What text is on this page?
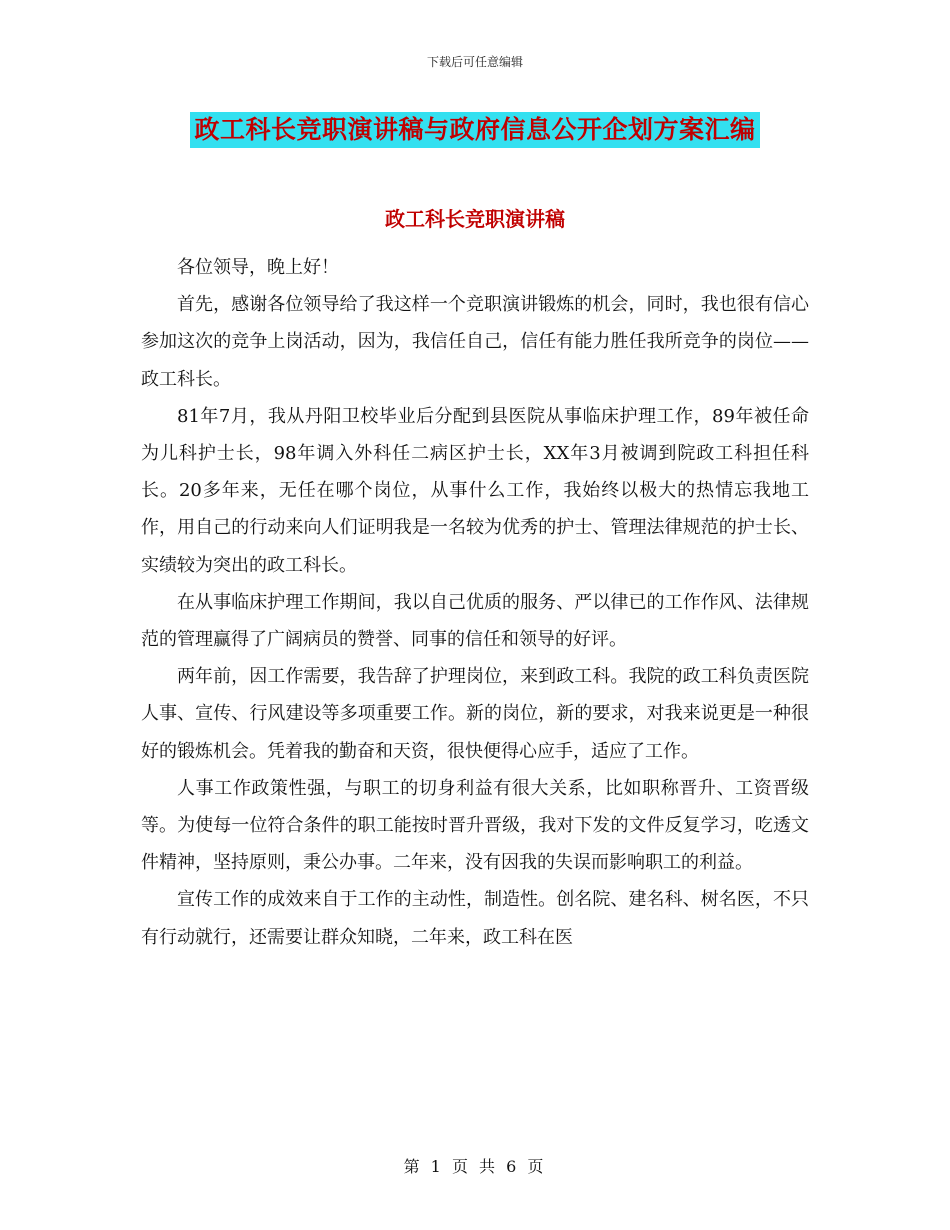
下载后可任意编辑
政工科长竞职演讲稿与政府信息公开企划方案汇编
政工科长竞职演讲稿

各位领导，晚上好！

首先，感谢各位领导给了我这样一个竞职演讲锻炼的机会，同时，我也很有信心参加这次的竞争上岗活动，因为，我信任自己，信任有能力胜任我所竞争的岗位——政工科长。

81年7月，我从丹阳卫校毕业后分配到县医院从事临床护理工作，89年被任命为儿科护士长，98年调入外科任二病区护士长，XX年3月被调到院政工科担任科长。20多年来，无任在哪个岗位，从事什么工作，我始终以极大的热情忘我地工作，用自己的行动来向人们证明我是一名较为优秀的护士、管理法律规范的护士长、实绩较为突出的政工科长。

在从事临床护理工作期间，我以自己优质的服务、严以律已的工作作风、法律规范的管理赢得了广阔病员的赞誉、同事的信任和领导的好评。

两年前，因工作需要，我告辞了护理岗位，来到政工科。我院的政工科负责医院人事、宣传、行风建设等多项重要工作。新的岗位，新的要求，对我来说更是一种很好的锻炼机会。凭着我的勤奋和天资，很快便得心应手，适应了工作。

人事工作政策性强，与职工的切身利益有很大关系，比如职称晋升、工资晋级等。为使每一位符合条件的职工能按时晋升晋级，我对下发的文件反复学习，吃透文件精神，坚持原则，秉公办事。二年来，没有因我的失误而影响职工的利益。

宣传工作的成效来自于工作的主动性，制造性。创名院、建名科、树名医，不只有行动就行，还需要让群众知晓，二年来，政工科在医

第 1 页 共 6 页
